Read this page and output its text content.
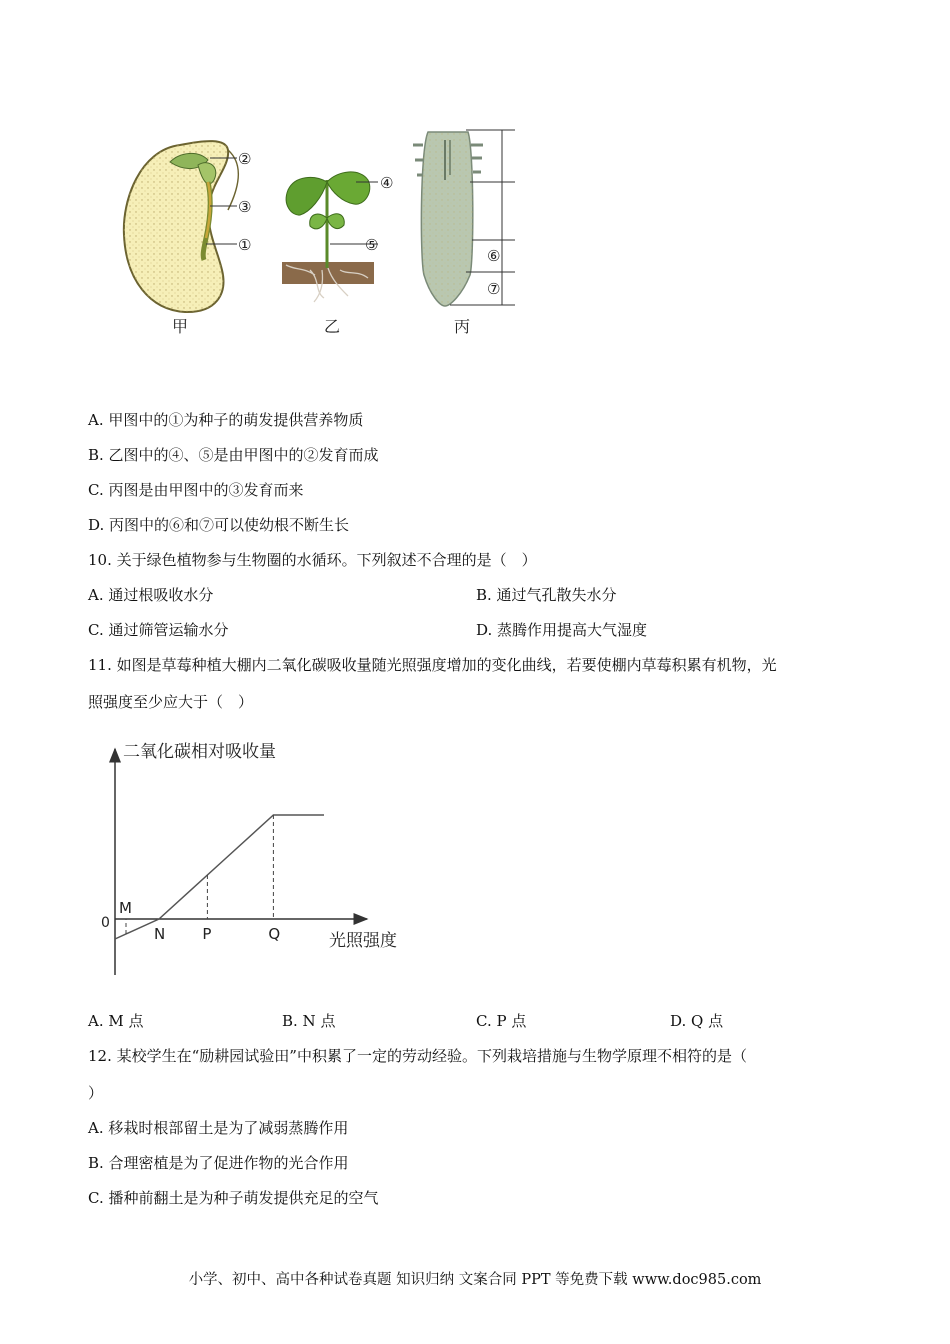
②
③
①
甲
④
⑤
乙
⑥
⑦
丙
A. 甲图中的①为种子的萌发提供营养物质
B. 乙图中的④、⑤是由甲图中的②发育而成
C. 丙图是由甲图中的③发育而来
D. 丙图中的⑥和⑦可以使幼根不断生长
10. 关于绿色植物参与生物圈的水循环。下列叙述不合理的是（　）
A. 通过根吸收水分	B. 通过气孔散失水分
C. 通过筛管运输水分	D. 蒸腾作用提高大气湿度
11. 如图是草莓种植大棚内二氧化碳吸收量随光照强度增加的变化曲线，若要使棚内草莓积累有机物，光
照强度至少应大于（　）
二氧化碳相对吸收量
光照强度
0
M
N P	Q
A. M 点	B. N 点	C. P 点	D. Q 点
12. 某校学生在“励耕园试验田”中积累了一定的劳动经验。下列栽培措施与生物学原理不相符的是（
）
A. 移栽时根部留土是为了减弱蒸腾作用
B. 合理密植是为了促进作物的光合作用
C. 播种前翻土是为种子萌发提供充足的空气
小学、初中、高中各种试卷真题 知识归纳 文案合同 PPT 等免费下载 www.doc985.com
